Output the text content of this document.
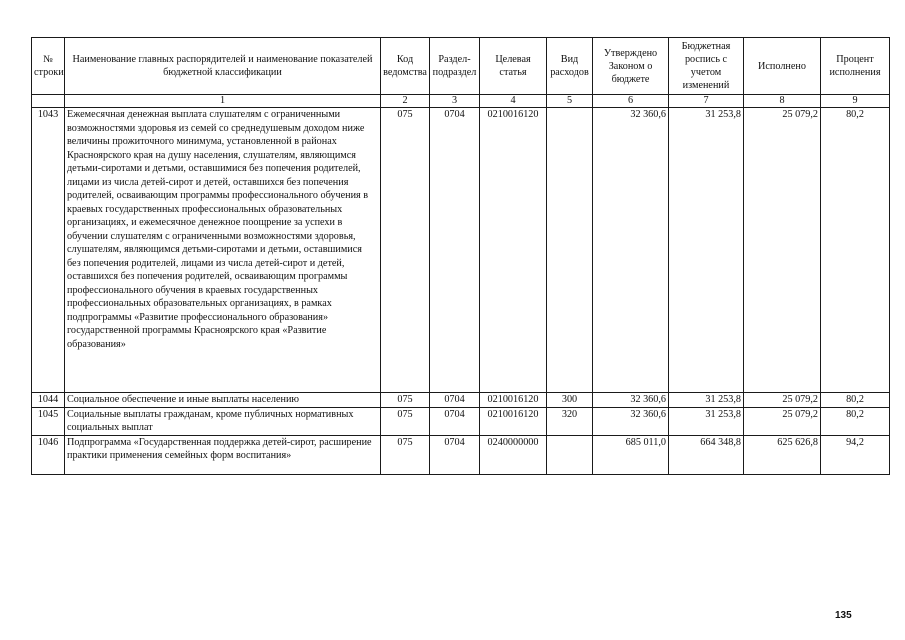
№ строки	Наименование главных распорядителей и наименование показателей бюджетной классификации	Код ведомства	Раздел-подраздел	Целевая статья	Вид расходов	Утверждено Законом о бюджете	Бюджетная роспись с учетом изменений	Исполнено	Процент исполнения
	1	2	3	4	5	6	7	8	9
1043	Ежемесячная денежная выплата слушателям с ограниченными возможностями здоровья из семей со среднедушевым доходом ниже величины прожиточного минимума, установленной в районах Красноярского края на душу населения, слушателям, являющимся детьми-сиротами и детьми, оставшимися без попечения родителей, лицами из числа детей-сирот и детей, оставшихся без попечения родителей, осваивающим программы профессионального обучения в краевых государственных профессиональных образовательных организациях, и ежемесячное денежное поощрение за успехи в обучении слушателям с ограниченными возможностями здоровья, слушателям, являющимся детьми-сиротами и детьми, оставшимися без попечения родителей, лицами из числа детей-сирот и детей, оставшихся без попечения родителей, осваивающим программы профессионального обучения в краевых государственных профессиональных образовательных организациях, в рамках подпрограммы «Развитие профессионального образования» государственной программы Красноярского края «Развитие образования»	075	0704	0210016120		32 360,6	31 253,8	25 079,2	80,2
1044	Социальное обеспечение и иные выплаты населению	075	0704	0210016120	300	32 360,6	31 253,8	25 079,2	80,2
1045	Социальные выплаты гражданам, кроме публичных нормативных социальных выплат	075	0704	0210016120	320	32 360,6	31 253,8	25 079,2	80,2
1046	Подпрограмма «Государственная поддержка детей-сирот, расширение практики применения семейных форм воспитания»	075	0704	0240000000		685 011,0	664 348,8	625 626,8	94,2
135
